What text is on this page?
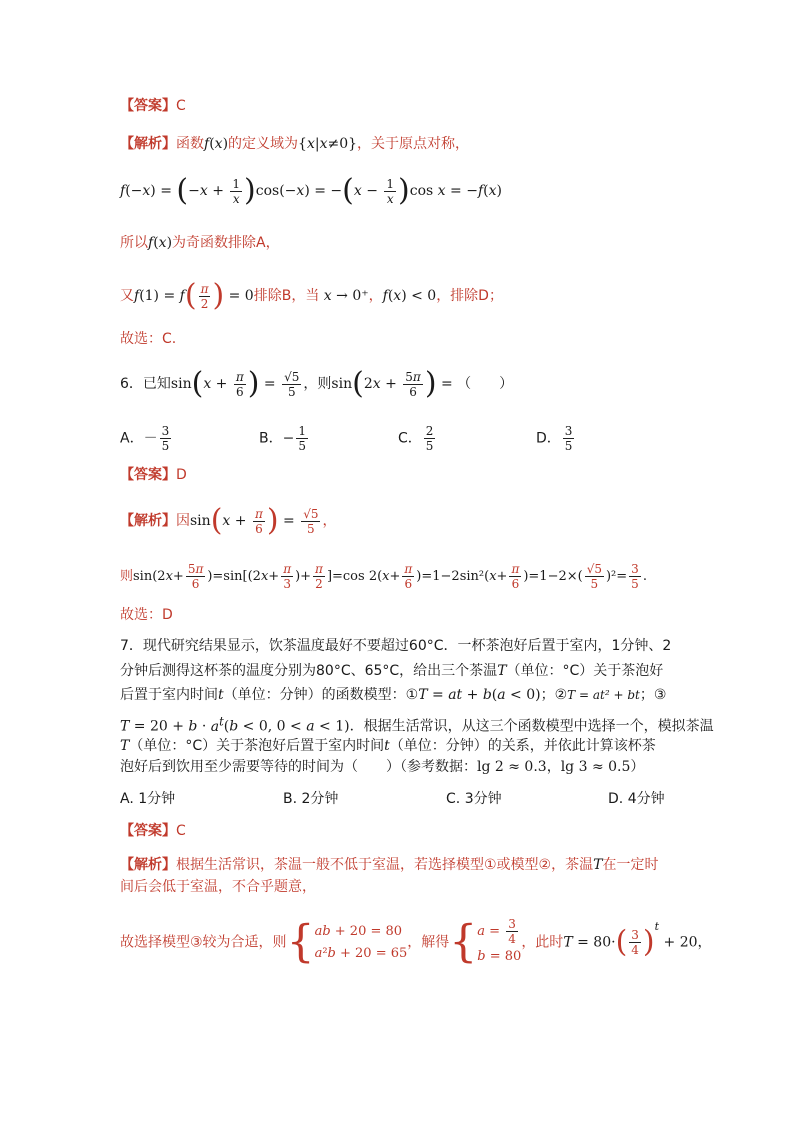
【答案】C
【解析】函数f(x)的定义域为{x|x≠0}，关于原点对称，
$f(-x) = (-x + \frac{1}{x} )\cos(-x) = -(x - \frac{1}{x} )\cos$ x = −f(x)
所以f(x)为奇函数排除A，
又$f(1) = f( \frac{\pi}{2}$ ) = 0排除B，当 x → 0⁺，f(x) < 0，排除D；
故选：C.
6．已知$\sin(x + \frac{\pi}{6}$ ) = $\frac{√5}{5}$ ，则$\sin(2x + \frac{5\pi}{6}$ ) = （　　）
A．－ $\frac{3}{5}$	B．− $\frac{1}{5}$	C． $\frac{2}{5}$	D． $\frac{3}{5}$
【答案】D
【解析】因$\sin(x + \frac{\pi}{6}$ ) = $\frac{√5}{5}$ ，
则$\sin(2x+ \frac{5\pi}{6} )=\sin[(2x+ \frac{\pi}{3}$ )+ $\frac{\pi}{2} ]=\cos$ $2(x+ \frac{\pi}{6} )=1-2\sin^2(x+ \frac{\pi}{6} )=1-2\times( \frac{√5}{5} )^2= \frac{3}{5}$ .
故选：D
7．现代研究结果显示，饮茶温度最好不要超过60°C．一杯茶泡好后置于室内，1分钟、2
分钟后测得这杯茶的温度分别为80°C、65°C，给出三个茶温T（单位：°C）关于茶泡好
后置于室内时间t（单位：分钟）的函数模型：①T = at + b(a < 0)；②T = at² + bt；③
$T = 20 + b \cdot a^t(b < 0$, 0 < a < 1)．根据生活常识，从这三个函数模型中选择一个，模拟茶温
T（单位：°C）关于茶泡好后置于室内时间t（单位：分钟）的关系，并依此计算该杯茶
泡好后到饮用至少需要等待的时间为（　　）（参考数据：lg 2 ≈ 0.3，lg 3 ≈ 0.5）
A. 1分钟	B. 2分钟	C. 3分钟	D. 4分钟
【答案】C
【解析】根据生活常识，茶温一般不低于室温，若选择模型①或模型②，茶温T在一定时
间后会低于室温，不合乎题意，
故选择模型③较为合适，则{ ab + 20 = 80
a²b + 20 = 65
，解得{ $a = \frac{3}{4}$
b = 80
，此时$T = 80\cdot( \frac{3}{4} )^t + 20$，
